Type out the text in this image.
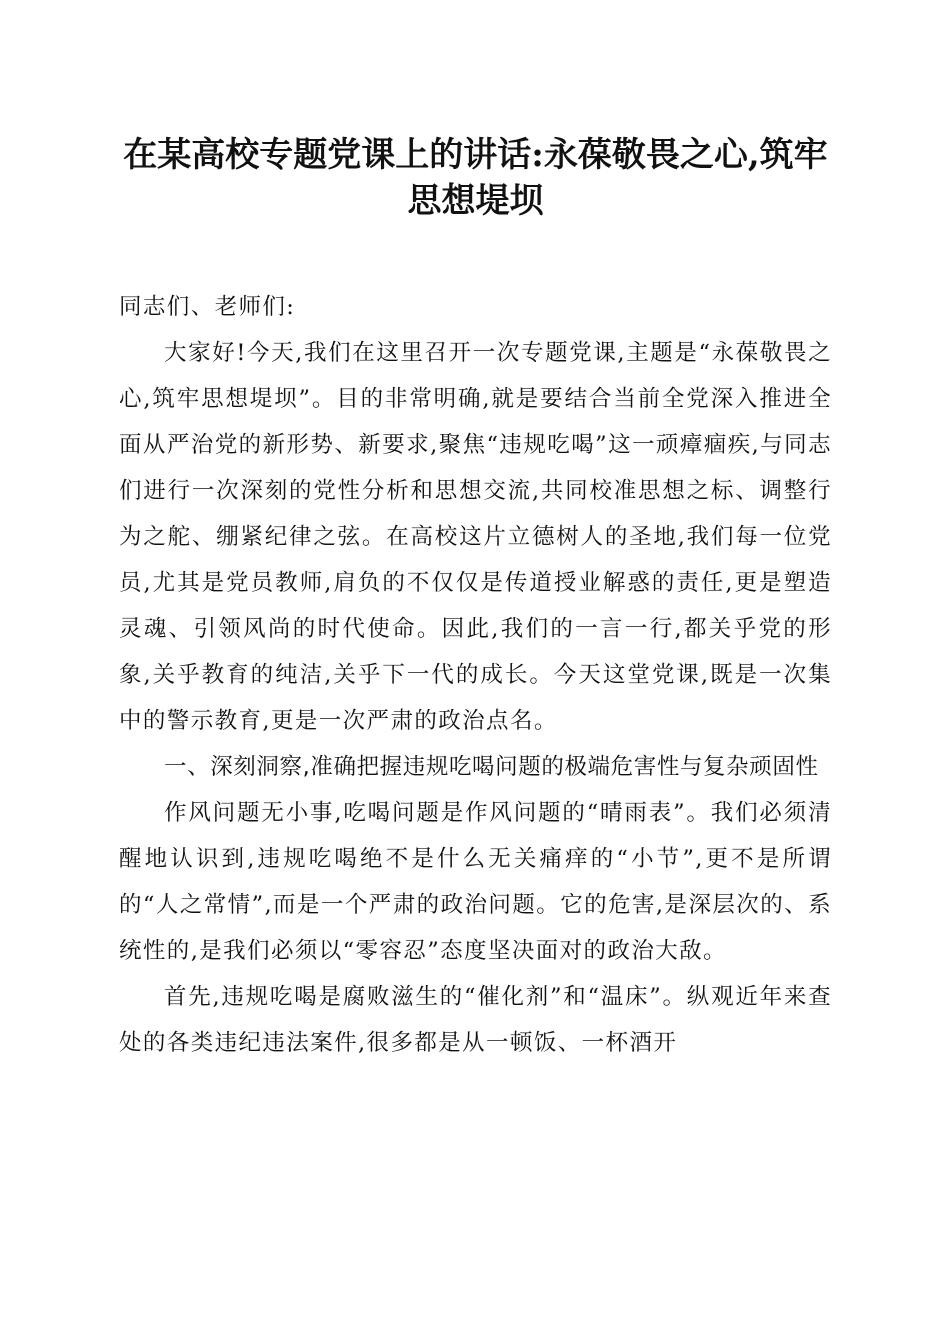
在某高校专题党课上的讲话:永葆敬畏之心,筑牢思想堤坝

同志们、老师们:

大家好!今天,我们在这里召开一次专题党课,主题是“永葆敬畏之心,筑牢思想堤坝”。目的非常明确,就是要结合当前全党深入推进全面从严治党的新形势、新要求,聚焦“违规吃喝”这一顽瘴痼疾,与同志们进行一次深刻的党性分析和思想交流,共同校准思想之标、调整行为之舵、绷紧纪律之弦。在高校这片立德树人的圣地,我们每一位党员,尤其是党员教师,肩负的不仅仅是传道授业解惑的责任,更是塑造灵魂、引领风尚的时代使命。因此,我们的一言一行,都关乎党的形象,关乎教育的纯洁,关乎下一代的成长。今天这堂党课,既是一次集中的警示教育,更是一次严肃的政治点名。

一、深刻洞察,准确把握违规吃喝问题的极端危害性与复杂顽固性

作风问题无小事,吃喝问题是作风问题的“晴雨表”。我们必须清醒地认识到,违规吃喝绝不是什么无关痛痒的“小节”,更不是所谓的“人之常情”,而是一个严肃的政治问题。它的危害,是深层次的、系统性的,是我们必须以“零容忍”态度坚决面对的政治大敌。

首先,违规吃喝是腐败滋生的“催化剂”和“温床”。纵观近年来查处的各类违纪违法案件,很多都是从一顿饭、一杯酒开
